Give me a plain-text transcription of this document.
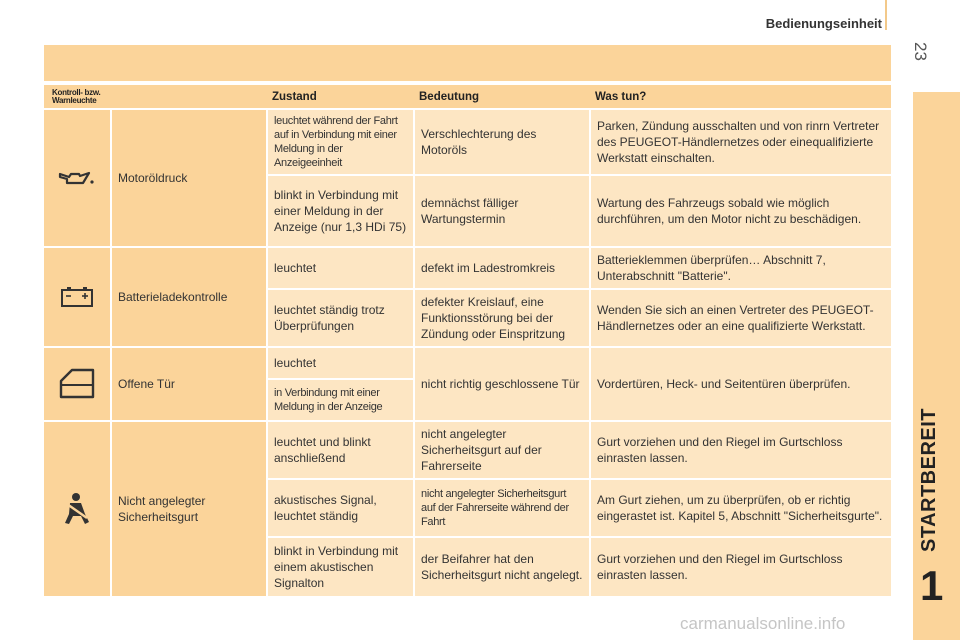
Bedienungseinheit
23
1
Kontroll- bzw. Warnleuchte		Zustand	Bedeutung	Was tun?

	Motoröldruck	leuchtet während der Fahrt auf in Verbindung mit einer Meldung in der Anzeigeeinheit	Verschlechterung des Motoröls	Parken, Zündung ausschalten und von rinrn Vertreter des PEUGEOT-Händlernetzes oder einequalifizierte Werkstatt einschalten.
		blinkt in Verbindung mit einer Meldung in der Anzeige (nur 1,3 HDi 75)	demnächst fälliger Wartungstermin	Wartung des Fahrzeugs sobald wie möglich durchführen, um den Motor nicht zu beschädigen.

	Batterieladekontrolle	leuchtet	defekt im Ladestromkreis	Batterieklemmen überprüfen… Abschnitt 7, Unterabschnitt "Batterie".
		leuchtet ständig trotz Überprüfungen	defekter Kreislauf, eine Funktionsstörung bei der Zündung oder Einspritzung	Wenden Sie sich an einen Vertreter des PEUGEOT-Händlernetzes oder an eine qualifizierte Werkstatt.

	Offene Tür	leuchtet	nicht richtig geschlossene Tür	Vordertüren, Heck- und Seitentüren überprüfen.
		in Verbindung mit einer Meldung in der Anzeige		

	Nicht angelegter Sicherheitsgurt	leuchtet und blinkt anschließend	nicht angelegter Sicherheitsgurt auf der Fahrerseite	Gurt vorziehen und den Riegel im Gurtschloss einrasten lassen.
		akustisches Signal, leuchtet ständig	nicht angelegter Sicherheitsgurt auf der Fahrerseite während der Fahrt	Am Gurt ziehen, um zu überprüfen, ob er richtig eingerastet ist. Kapitel 5, Abschnitt "Sicherheitsgurte".
		blinkt in Verbindung mit einem akustischen Signalton	der Beifahrer hat den Sicherheitsgurt nicht angelegt.	Gurt vorziehen und den Riegel im Gurtschloss einrasten lassen.
carmanualsonline.info
